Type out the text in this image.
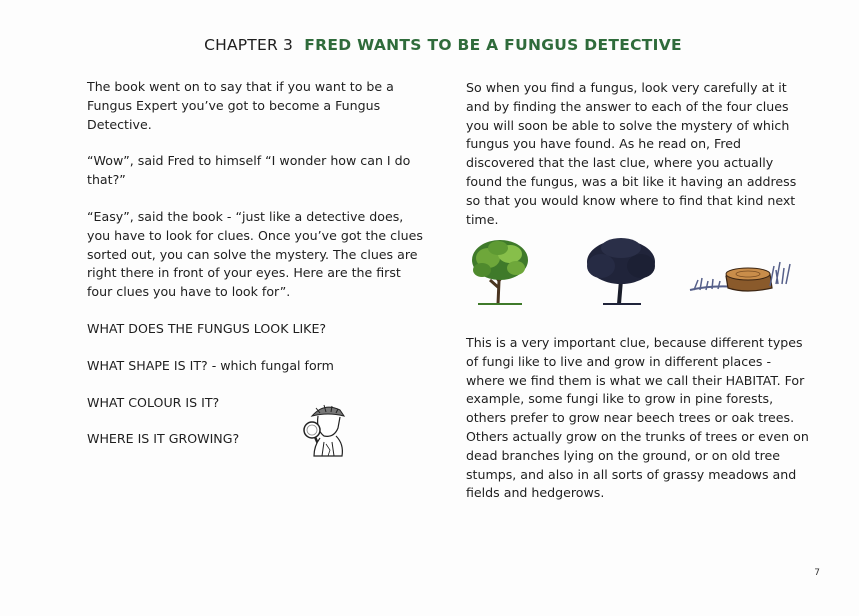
CHAPTER 3 FRED WANTS TO BE A FUNGUS DETECTIVE

The book went on to say that if you want to be a Fungus Expert you’ve got to become a Fungus Detective.

“Wow”, said Fred to himself “I wonder how can I do that?”

“Easy”, said the book - “just like a detective does, you have to look for clues. Once you’ve got the clues sorted out, you can solve the mystery. The clues are right there in front of your eyes. Here are the first four clues you have to look for”.

WHAT DOES THE FUNGUS LOOK LIKE?

WHAT SHAPE IS IT? - which fungal form

WHAT COLOUR IS IT?

WHERE IS IT GROWING?

So when you find a fungus, look very carefully at it and by finding the answer to each of the four clues you will soon be able to solve the mystery of which fungus you have found. As he read on, Fred discovered that the last clue, where you actually found the fungus, was a bit like it having an address so that you would know where to find that kind next time.

This is a very important clue, because different types of fungi like to live and grow in different places - where we find them is what we call their HABITAT. For example, some fungi like to grow in pine forests, others prefer to grow near beech trees or oak trees. Others actually grow on the trunks of trees or even on dead branches lying on the ground, or on old tree stumps, and also in all sorts of grassy meadows and fields and hedgerows.

7
